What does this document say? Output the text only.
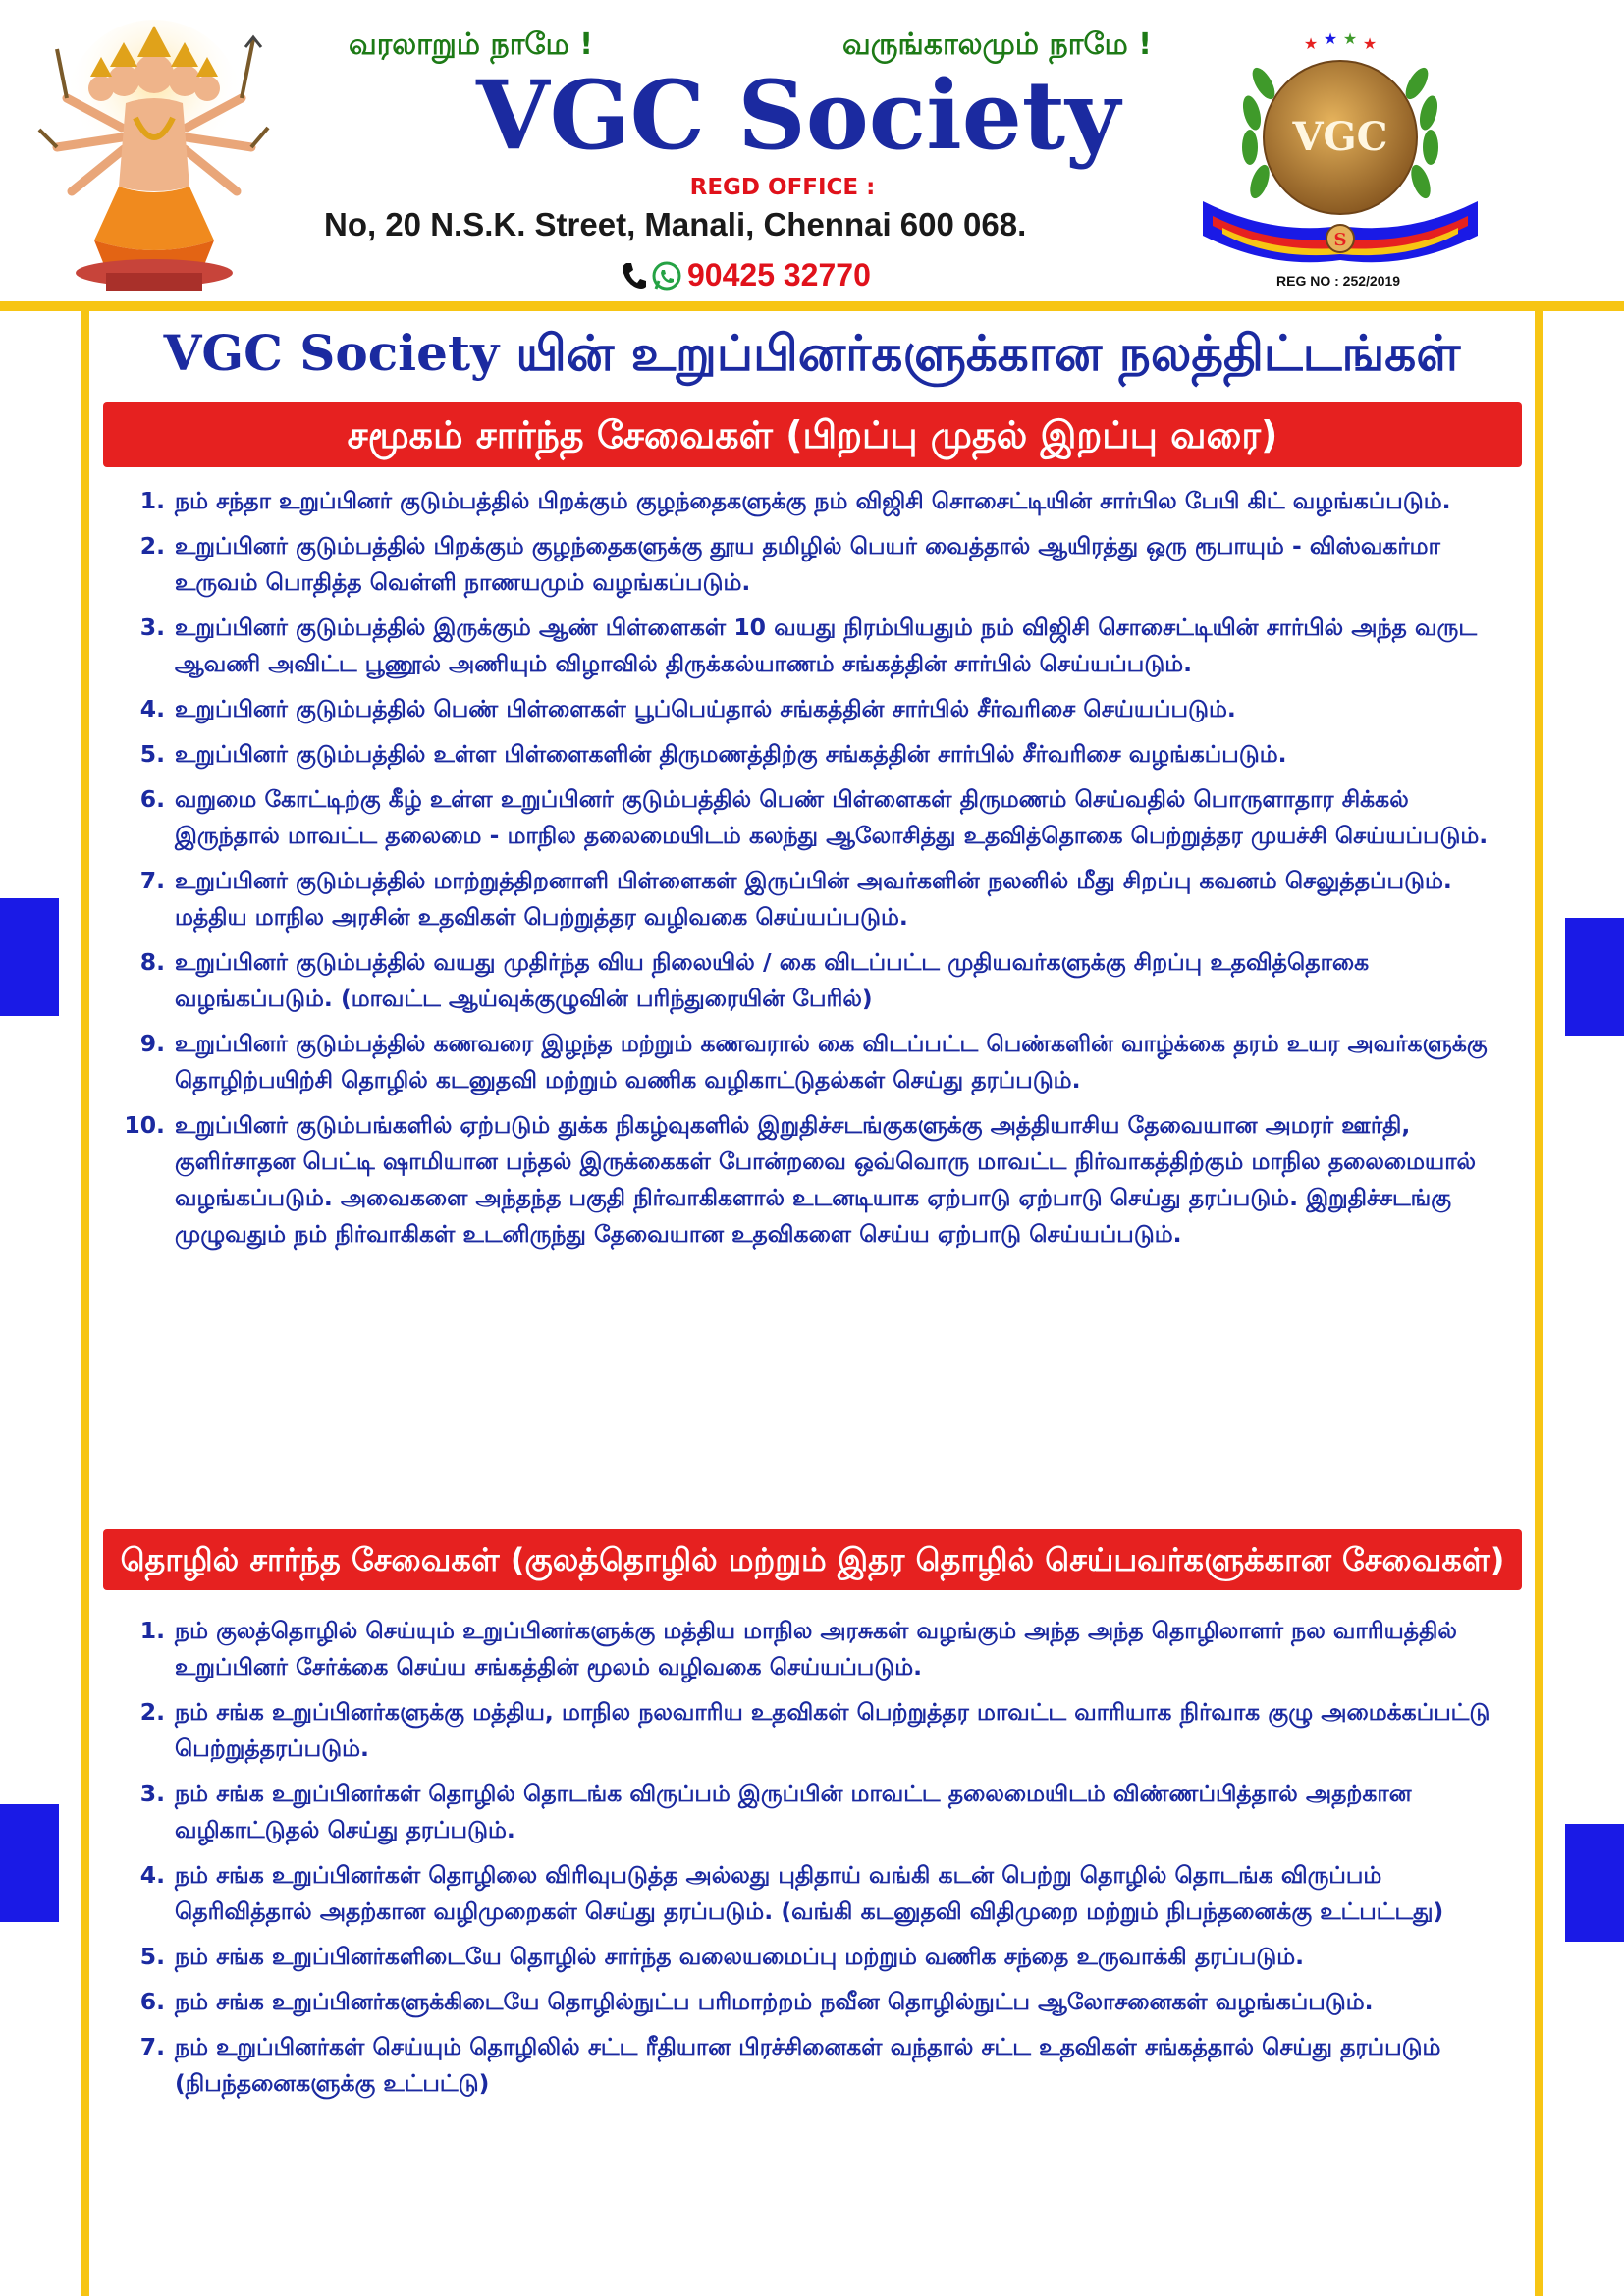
வரலாறும் நாமே !	வருங்காலமும் நாமே !
VGC Society
REGD OFFICE :
No, 20 N.S.K. Street, Manali, Chennai 600 068.
90425 32770
★ ★ ★ ★
VGC
S
REG NO : 252/2019
VGC Society யின் உறுப்பினர்களுக்கான நலத்திட்டங்கள்
சமூகம் சார்ந்த சேவைகள் (பிறப்பு முதல் இறப்பு வரை)
1. நம் சந்தா உறுப்பினர் குடும்பத்தில் பிறக்கும் குழந்தைகளுக்கு நம் விஜிசி சொசைட்டியின் சார்பில பேபி கிட் வழங்கப்படும்.
2. உறுப்பினர் குடும்பத்தில் பிறக்கும் குழந்தைகளுக்கு தூய தமிழில் பெயர் வைத்தால் ஆயிரத்து ஒரு ரூபாயும் - விஸ்வகர்மா உருவம் பொதித்த வெள்ளி நாணயமும் வழங்கப்படும்.
3. உறுப்பினர் குடும்பத்தில் இருக்கும் ஆண் பிள்ளைகள் 10 வயது நிரம்பியதும் நம் விஜிசி சொசைட்டியின் சார்பில் அந்த வருட ஆவணி அவிட்ட பூணூல் அணியும் விழாவில் திருக்கல்யாணம் சங்கத்தின் சார்பில் செய்யப்படும்.
4. உறுப்பினர் குடும்பத்தில் பெண் பிள்ளைகள் பூப்பெய்தால் சங்கத்தின் சார்பில் சீர்வரிசை செய்யப்படும்.
5. உறுப்பினர் குடும்பத்தில் உள்ள பிள்ளைகளின் திருமணத்திற்கு சங்கத்தின் சார்பில் சீர்வரிசை வழங்கப்படும்.
6. வறுமை கோட்டிற்கு கீழ் உள்ள உறுப்பினர் குடும்பத்தில் பெண் பிள்ளைகள் திருமணம் செய்வதில் பொருளாதார சிக்கல் இருந்தால் மாவட்ட தலைமை - மாநில தலைமையிடம் கலந்து ஆலோசித்து உதவித்தொகை பெற்றுத்தர முயச்சி செய்யப்படும்.
7. உறுப்பினர் குடும்பத்தில் மாற்றுத்திறனாளி பிள்ளைகள் இருப்பின் அவர்களின் நலனில் மீது சிறப்பு கவனம் செலுத்தப்படும். மத்திய மாநில அரசின் உதவிகள் பெற்றுத்தர வழிவகை செய்யப்படும்.
8. உறுப்பினர் குடும்பத்தில் வயது முதிர்ந்த விய நிலையில் / கை விடப்பட்ட முதியவர்களுக்கு சிறப்பு உதவித்தொகை வழங்கப்படும். (மாவட்ட ஆய்வுக்குழுவின் பரிந்துரையின் பேரில்)
9. உறுப்பினர் குடும்பத்தில் கணவரை இழந்த மற்றும் கணவரால் கை விடப்பட்ட பெண்களின் வாழ்க்கை தரம் உயர அவர்களுக்கு தொழிற்பயிற்சி தொழில் கடனுதவி மற்றும் வணிக வழிகாட்டுதல்கள் செய்து தரப்படும்.
10. உறுப்பினர் குடும்பங்களில் ஏற்படும் துக்க நிகழ்வுகளில் இறுதிச்சடங்குகளுக்கு அத்தியாசிய தேவையான அமரர் ஊர்தி, குளிர்சாதன பெட்டி ஷாமியான பந்தல் இருக்கைகள் போன்றவை ஒவ்வொரு மாவட்ட நிர்வாகத்திற்கும் மாநில தலைமையால் வழங்கப்படும். அவைகளை அந்தந்த பகுதி நிர்வாகிகளால் உடனடியாக ஏற்பாடு ஏற்பாடு செய்து தரப்படும். இறுதிச்சடங்கு முழுவதும் நம் நிர்வாகிகள் உடனிருந்து தேவையான உதவிகளை செய்ய ஏற்பாடு செய்யப்படும்.
தொழில் சார்ந்த சேவைகள் (குலத்தொழில் மற்றும் இதர தொழில் செய்பவர்களுக்கான சேவைகள்)
1. நம் குலத்தொழில் செய்யும் உறுப்பினர்களுக்கு மத்திய மாநில அரசுகள் வழங்கும் அந்த அந்த தொழிலாளர் நல வாரியத்தில் உறுப்பினர் சேர்க்கை செய்ய சங்கத்தின் மூலம் வழிவகை செய்யப்படும்.
2. நம் சங்க உறுப்பினர்களுக்கு மத்திய, மாநில நலவாரிய உதவிகள் பெற்றுத்தர மாவட்ட வாரியாக நிர்வாக குழு அமைக்கப்பட்டு பெற்றுத்தரப்படும்.
3. நம் சங்க உறுப்பினர்கள் தொழில் தொடங்க விருப்பம் இருப்பின் மாவட்ட தலைமையிடம் விண்ணப்பித்தால் அதற்கான வழிகாட்டுதல் செய்து தரப்படும்.
4. நம் சங்க உறுப்பினர்கள் தொழிலை விரிவுபடுத்த அல்லது புதிதாய் வங்கி கடன் பெற்று தொழில் தொடங்க விருப்பம் தெரிவித்தால் அதற்கான வழிமுறைகள் செய்து தரப்படும். (வங்கி கடனுதவி விதிமுறை மற்றும் நிபந்தனைக்கு உட்பட்டது)
5. நம் சங்க உறுப்பினர்களிடையே தொழில் சார்ந்த வலையமைப்பு மற்றும் வணிக சந்தை உருவாக்கி தரப்படும்.
6. நம் சங்க உறுப்பினர்களுக்கிடையே தொழில்நுட்ப பரிமாற்றம் நவீன தொழில்நுட்ப ஆலோசனைகள் வழங்கப்படும்.
7. நம் உறுப்பினர்கள் செய்யும் தொழிலில் சட்ட ரீதியான பிரச்சினைகள் வந்தால் சட்ட உதவிகள் சங்கத்தால் செய்து தரப்படும் (நிபந்தனைகளுக்கு உட்பட்டு)
